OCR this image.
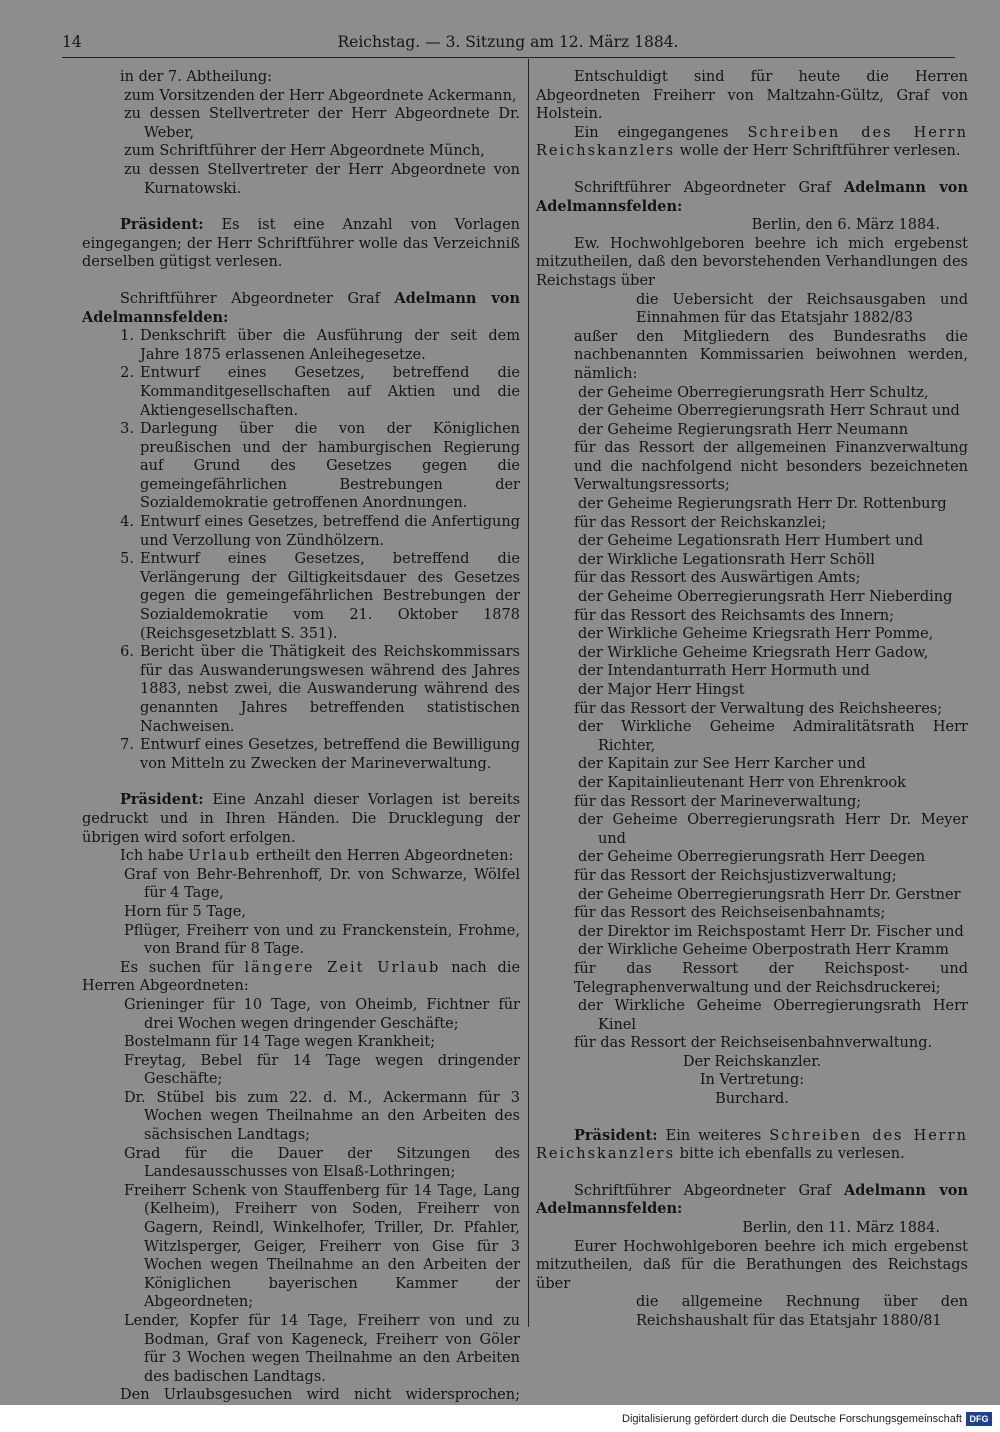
14	Reichstag. — 3. Sitzung am 12. März 1884.
in der 7. Abtheilung:
zum Vorsitzenden der Herr Abgeordnete Ackermann,
zu dessen Stellvertreter der Herr Abgeordnete Dr. Weber,
zum Schriftführer der Herr Abgeordnete Münch,
zu dessen Stellvertreter der Herr Abgeordnete von Kurnatowski.
Präsident: Es ist eine Anzahl von Vorlagen eingegangen; der Herr Schriftführer wolle das Verzeichniß derselben gütigst verlesen.
Schriftführer Abgeordneter Graf Adelmann von Adelmannsfelden:
1. Denkschrift über die Ausführung der seit dem Jahre 1875 erlassenen Anleihegesetze.
2. Entwurf eines Gesetzes, betreffend die Kommanditgesellschaften auf Aktien und die Aktiengesellschaften.
3. Darlegung über die von der Königlichen preußischen und der hamburgischen Regierung auf Grund des Gesetzes gegen die gemeingefährlichen Bestrebungen der Sozialdemokratie getroffenen Anordnungen.
4. Entwurf eines Gesetzes, betreffend die Anfertigung und Verzollung von Zündhölzern.
5. Entwurf eines Gesetzes, betreffend die Verlängerung der Giltigkeitsdauer des Gesetzes gegen die gemeingefährlichen Bestrebungen der Sozialdemokratie vom 21. Oktober 1878 (Reichsgesetzblatt S. 351).
6. Bericht über die Thätigkeit des Reichskommissars für das Auswanderungswesen während des Jahres 1883, nebst zwei, die Auswanderung während des genannten Jahres betreffenden statistischen Nachweisen.
7. Entwurf eines Gesetzes, betreffend die Bewilligung von Mitteln zu Zwecken der Marineverwaltung.
Präsident: Eine Anzahl dieser Vorlagen ist bereits gedruckt und in Ihren Händen. Die Drucklegung der übrigen wird sofort erfolgen.
Ich habe Urlaub ertheilt den Herren Abgeordneten:
Graf von Behr-Behrenhoff, Dr. von Schwarze, Wölfel für 4 Tage,
Horn für 5 Tage,
Pflüger, Freiherr von und zu Franckenstein, Frohme, von Brand für 8 Tage.
Es suchen für längere Zeit Urlaub nach die Herren Abgeordneten:
Grieninger für 10 Tage, von Oheimb, Fichtner für drei Wochen wegen dringender Geschäfte;
Bostelmann für 14 Tage wegen Krankheit;
Freytag, Bebel für 14 Tage wegen dringender Geschäfte;
Dr. Stübel bis zum 22. d. M., Ackermann für 3 Wochen wegen Theilnahme an den Arbeiten des sächsischen Landtags;
Grad für die Dauer der Sitzungen des Landesausschusses von Elsaß-Lothringen;
Freiherr Schenk von Stauffenberg für 14 Tage, Lang (Kelheim), Freiherr von Soden, Freiherr von Gagern, Reindl, Winkelhofer, Triller, Dr. Pfahler, Witzlsperger, Geiger, Freiherr von Gise für 3 Wochen wegen Theilnahme an den Arbeiten der Königlichen bayerischen Kammer der Abgeordneten;
Lender, Kopfer für 14 Tage, Freiherr von und zu Bodman, Graf von Kageneck, Freiherr von Göler für 3 Wochen wegen Theilnahme an den Arbeiten des badischen Landtags.
Den Urlaubsgesuchen wird nicht widersprochen;
Entschuldigt sind für heute die Herren Abgeordneten Freiherr von Maltzahn-Gültz, Graf von Holstein.
Ein eingegangenes Schreiben des Herrn Reichskanzlers wolle der Herr Schriftführer verlesen.
Schriftführer Abgeordneter Graf Adelmann von Adelmannsfelden:
Berlin, den 6. März 1884.
Ew. Hochwohlgeboren beehre ich mich ergebenst mitzutheilen, daß den bevorstehenden Verhandlungen des Reichstags über
die Uebersicht der Reichsausgaben und Einnahmen für das Etatsjahr 1882/83
außer den Mitgliedern des Bundesraths die nachbenannten Kommissarien beiwohnen werden, nämlich:
der Geheime Oberregierungsrath Herr Schultz,
der Geheime Oberregierungsrath Herr Schraut und
der Geheime Regierungsrath Herr Neumann
für das Ressort der allgemeinen Finanzverwaltung und die nachfolgend nicht besonders bezeichneten Verwaltungsressorts;
der Geheime Regierungsrath Herr Dr. Rottenburg
für das Ressort der Reichskanzlei;
der Geheime Legationsrath Herr Humbert und
der Wirkliche Legationsrath Herr Schöll
für das Ressort des Auswärtigen Amts;
der Geheime Oberregierungsrath Herr Nieberding
für das Ressort des Reichsamts des Innern;
der Wirkliche Geheime Kriegsrath Herr Pomme,
der Wirkliche Geheime Kriegsrath Herr Gadow,
der Intendanturrath Herr Hormuth und
der Major Herr Hingst
für das Ressort der Verwaltung des Reichsheeres;
der Wirkliche Geheime Admiralitätsrath Herr Richter,
der Kapitain zur See Herr Karcher und
der Kapitainlieutenant Herr von Ehrenkrook
für das Ressort der Marineverwaltung;
der Geheime Oberregierungsrath Herr Dr. Meyer und
der Geheime Oberregierungsrath Herr Deegen
für das Ressort der Reichsjustizverwaltung;
der Geheime Oberregierungsrath Herr Dr. Gerstner
für das Ressort des Reichseisenbahnamts;
der Direktor im Reichspostamt Herr Dr. Fischer und
der Wirkliche Geheime Oberpostrath Herr Kramm
für das Ressort der Reichspost- und Telegraphenverwaltung und der Reichsdruckerei;
der Wirkliche Geheime Oberregierungsrath Herr Kinel
für das Ressort der Reichseisenbahnverwaltung.
Der Reichskanzler.
In Vertretung:
Burchard.
Präsident: Ein weiteres Schreiben des Herrn Reichskanzlers bitte ich ebenfalls zu verlesen.
Schriftführer Abgeordneter Graf Adelmann von Adelmannsfelden:
Berlin, den 11. März 1884.
Eurer Hochwohlgeboren beehre ich mich ergebenst mitzutheilen, daß für die Berathungen des Reichstags über
die allgemeine Rechnung über den Reichshaushalt für das Etatsjahr 1880/81
Digitalisierung gefördert durch die Deutsche Forschungsgemeinschaft DFG
